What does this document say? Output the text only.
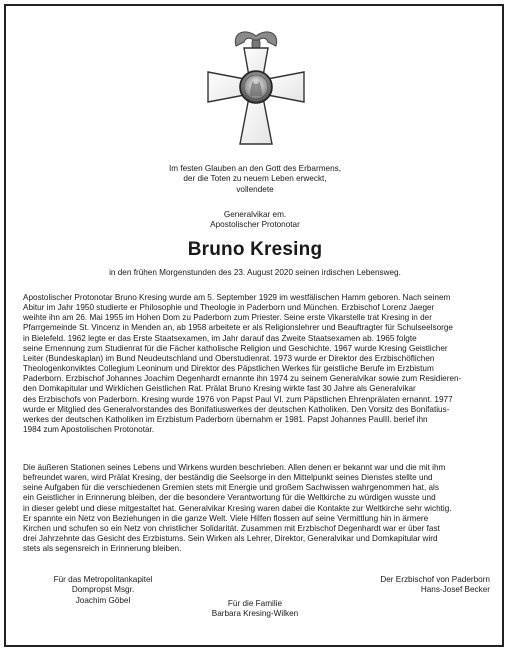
Im festen Glauben an den Gott des Erbarmens,
der die Toten zu neuem Leben erweckt,
vollendete
Generalvikar em.
Apostolischer Protonotar
Bruno Kresing
in den frühen Morgenstunden des 23. August 2020 seinen irdischen Lebensweg.
Apostolischer Protonotar Bruno Kresing wurde am 5. September 1929 im westfälischen Hamm geboren. Nach seinem
Abitur im Jahr 1950 studierte er Philosophie und Theologie in Paderborn und München. Erzbischof Lorenz Jaeger
weihte ihn am 26. Mai 1955 im Hohen Dom zu Paderborn zum Priester. Seine erste Vikarstelle trat Kresing in der
Pfarrgemeinde St. Vincenz in Menden an, ab 1958 arbeitete er als Religionslehrer und Beauftragter für Schulseelsorge
in Bielefeld. 1962 legte er das Erste Staatsexamen, im Jahr darauf das Zweite Staatsexamen ab. 1965 folgte
seine Ernennung zum Studienrat für die Fächer katholische Religion und Geschichte. 1967 wurde Kresing Geistlicher
Leiter (Bundeskaplan) im Bund Neudeutschland und Oberstudienrat. 1973 wurde er Direktor des Erzbischöflichen
Theologenkonviktes Collegium Leoninum und Direktor des Päpstlichen Werkes für geistliche Berufe im Erzbistum
Paderborn. Erzbischof Johannes Joachim Degenhardt ernannte ihn 1974 zu seinem Generalvikar sowie zum Residieren-
den Domkapitular und Wirklichen Geistlichen Rat. Prälat Bruno Kresing wirkte fast 30 Jahre als Generalvikar
des Erzbischofs von Paderborn. Kresing wurde 1976 von Papst Paul VI. zum Päpstlichen Ehrenprälaten ernannt. 1977
wurde er Mitglied des Generalvorstandes des Bonifatiuswerkes der deutschen Katholiken. Den Vorsitz des Bonifatius-
werkes der deutschen Katholiken im Erzbistum Paderborn übernahm er 1981. Papst Johannes PaulII. berief ihn
1984 zum Apostolischen Protonotar.
Die äußeren Stationen seines Lebens und Wirkens wurden beschrieben. Allen denen er bekannt war und die mit ihm
befreundet waren, wird Prälat Kresing, der beständig die Seelsorge in den Mittelpunkt seines Dienstes stellte und
seine Aufgaben für die verschiedenen Gremien stets mit Energie und großem Sachwissen wahrgenommen hat, als
ein Geistlicher in Erinnerung bleiben, der die besondere Verantwortung für die Weltkirche zu würdigen wusste und
in dieser gelebt und diese mitgestaltet hat. Generalvikar Kresing waren dabei die Kontakte zur Weltkirche sehr wichtig.
Er spannte ein Netz von Beziehungen in die ganze Welt. Viele Hilfen flossen auf seine Vermittlung hin in ärmere
Kirchen und schufen so ein Netz von christlicher Solidarität. Zusammen mit Erzbischof Degenhardt war er über fast
drei Jahrzehnte das Gesicht des Erzbistums. Sein Wirken als Lehrer, Direktor, Generalvikar und Domkapitular wird
stets als segensreich in Erinnerung bleiben.
Für das Metropolitankapitel
Dompropst Msgr.
Joachim Göbel
Der Erzbischof von Paderborn
Hans-Josef Becker
Für die Familie
Barbara Kresing-Wilken
